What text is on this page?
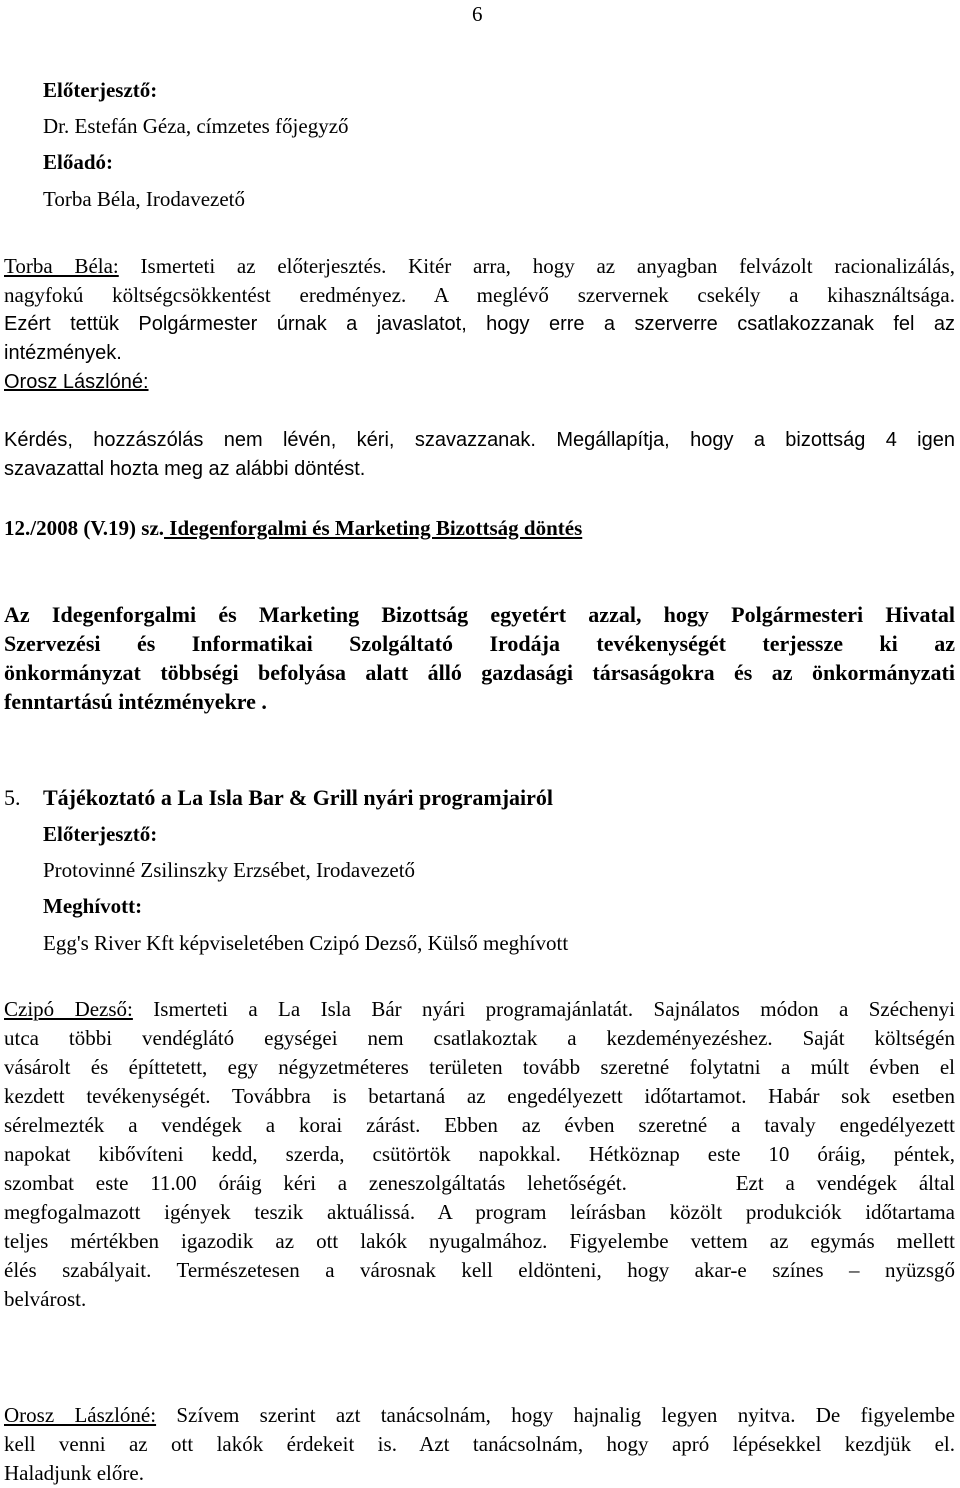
6
Előterjesztő:
Dr. Estefán Géza, címzetes főjegyző
Előadó:
Torba Béla, Irodavezető
Torba Béla: Ismerteti az előterjesztés. Kitér arra, hogy az anyagban felvázolt racionalizálás,
nagyfokú költségcsökkentést eredményez. A meglévő szervernek csekély a kihasználtsága.
Ezért tettük Polgármester úrnak a javaslatot, hogy erre a szerverre csatlakozzanak fel az
intézmények.
Orosz Lászlóné:
Kérdés, hozzászólás nem lévén, kéri, szavazzanak. Megállapítja, hogy a bizottság 4 igen
szavazattal hozta meg az alábbi döntést.
12./2008 (V.19) sz. Idegenforgalmi és Marketing Bizottság döntés
Az Idegenforgalmi és Marketing Bizottság egyetért azzal, hogy Polgármesteri Hivatal
Szervezési és Informatikai Szolgáltató Irodája tevékenységét terjessze ki az
önkormányzat többségi befolyása alatt álló gazdasági társaságokra és az önkormányzati
fenntartású intézményekre .
5. Tájékoztató a La Isla Bar & Grill nyári programjairól
Előterjesztő:
Protovinné Zsilinszky Erzsébet, Irodavezető
Meghívott:
Egg's River Kft képviseletében Czipó Dezső, Külső meghívott
Czipó Dezső: Ismerteti a La Isla Bár nyári programajánlatát. Sajnálatos módon a Széchenyi
utca többi vendéglátó egységei nem csatlakoztak a kezdeményezéshez. Saját költségén
vásárolt és építtetett, egy négyzetméteres területen tovább szeretné folytatni a múlt évben el
kezdett tevékenységét. Továbbra is betartaná az engedélyezett időtartamot. Habár sok esetben
sérelmezték a vendégek a korai zárást. Ebben az évben szeretné a tavaly engedélyezett
napokat kibővíteni kedd, szerda, csütörtök napokkal. Hétköznap este 10 óráig, péntek,
szombat este 11.00 óráig kéri a zeneszolgáltatás lehetőségét.     Ezt a vendégek által
megfogalmazott igények teszik aktuálissá. A program leírásban közölt produkciók időtartama
teljes mértékben igazodik az ott lakók nyugalmához. Figyelembe vettem az egymás mellett
élés szabályait. Természetesen a városnak kell eldönteni, hogy akar-e színes – nyüzsgő
belvárost.
Orosz Lászlóné: Szívem szerint azt tanácsolnám, hogy hajnalig legyen nyitva. De figyelembe
kell venni az ott lakók érdekeit is. Azt tanácsolnám, hogy apró lépésekkel kezdjük el.
Haladjunk előre.
